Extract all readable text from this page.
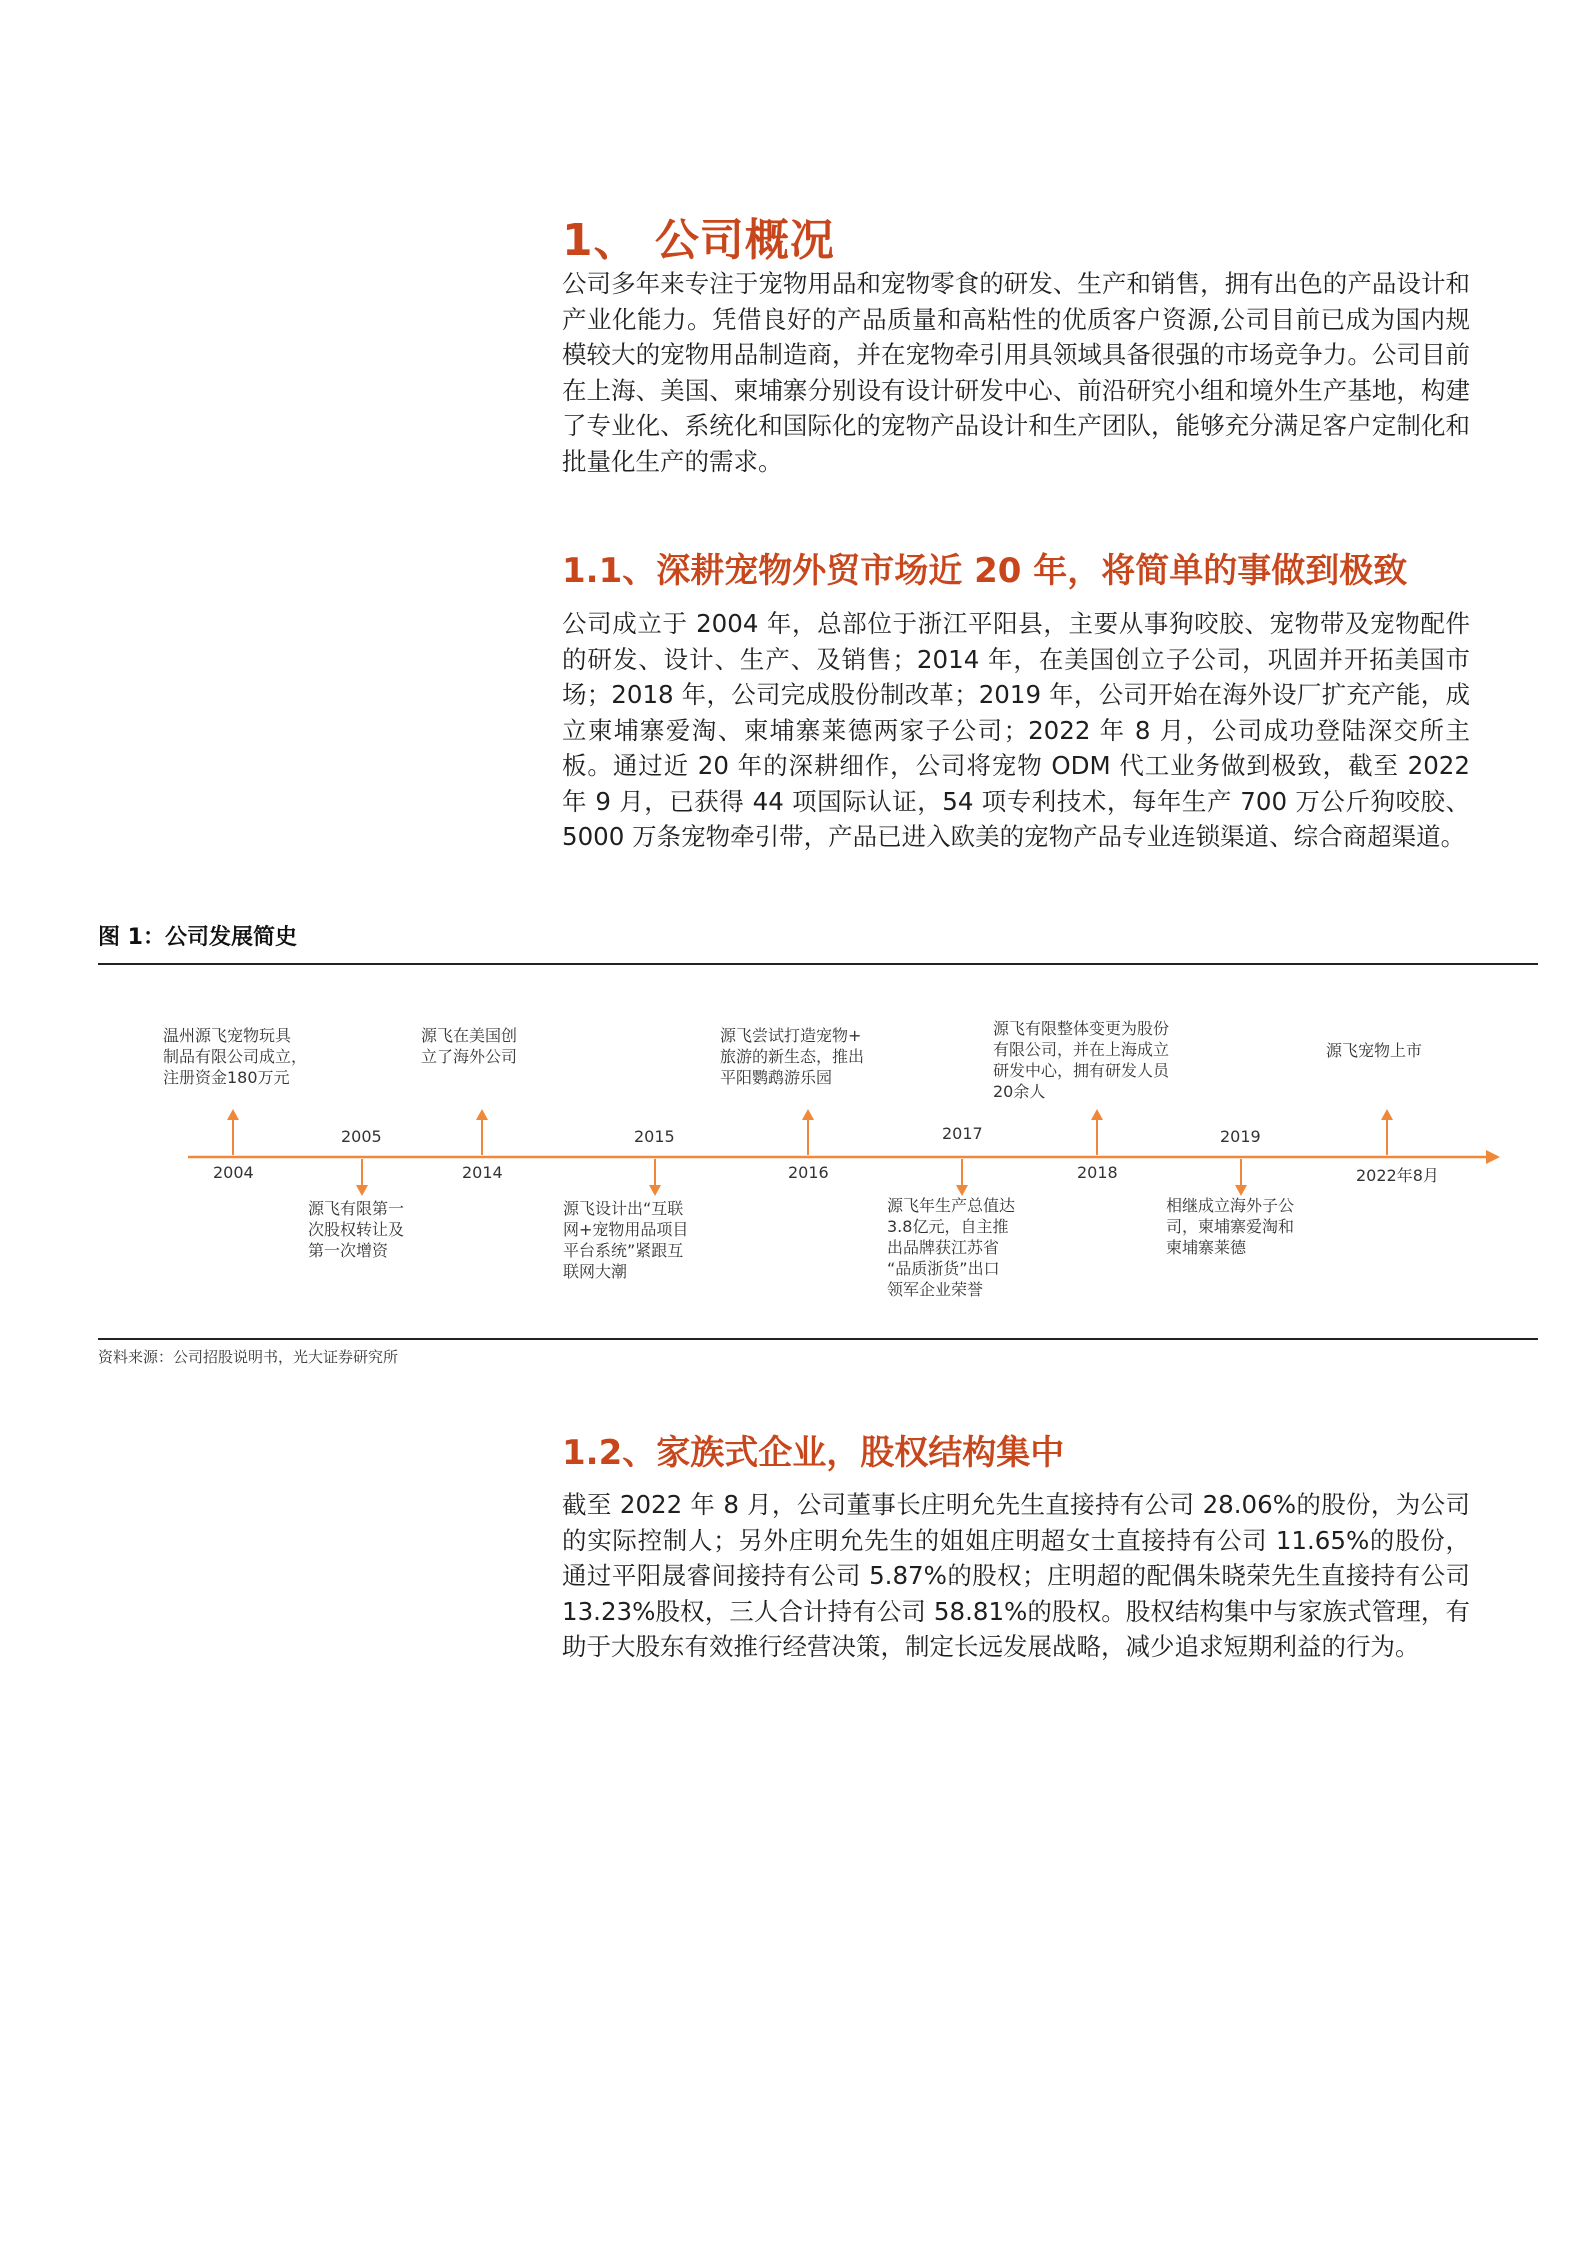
1、 公司概况

公司多年来专注于宠物用品和宠物零食的研发、生产和销售，拥有出色的产品设计和产业化能力。凭借良好的产品质量和高粘性的优质客户资源,公司目前已成为国内规模较大的宠物用品制造商，并在宠物牵引用具领域具备很强的市场竞争力。公司目前在上海、美国、柬埔寨分别设有设计研发中心、前沿研究小组和境外生产基地，构建了专业化、系统化和国际化的宠物产品设计和生产团队，能够充分满足客户定制化和批量化生产的需求。

1.1、深耕宠物外贸市场近 20 年，将简单的事做到极致

公司成立于 2004 年，总部位于浙江平阳县，主要从事狗咬胶、宠物带及宠物配件的研发、设计、生产、及销售；2014 年，在美国创立子公司，巩固并开拓美国市场；2018 年，公司完成股份制改革；2019 年，公司开始在海外设厂扩充产能，成立柬埔寨爱淘、柬埔寨莱德两家子公司；2022 年 8 月，公司成功登陆深交所主板。通过近 20 年的深耕细作，公司将宠物 ODM 代工业务做到极致，截至 2022 年 9 月，已获得 44 项国际认证，54 项专利技术，每年生产 700 万公斤狗咬胶、5000 万条宠物牵引带，产品已进入欧美的宠物产品专业连锁渠道、综合商超渠道。

图 1：公司发展简史

2004
温州源飞宠物玩具
制品有限公司成立，
注册资金180万元
2005
源飞有限第一
次股权转让及
第一次增资
2014
源飞在美国创
立了海外公司
2015
源飞设计出“互联
网+宠物用品项目
平台系统”紧跟互
联网大潮
2016
源飞尝试打造宠物+
旅游的新生态，推出
平阳鹦鹉游乐园
2017
源飞年生产总值达
3.8亿元，自主推
出品牌获江苏省
“品质浙货”出口
领军企业荣誉
2018
源飞有限整体变更为股份
有限公司，并在上海成立
研发中心，拥有研发人员
20余人
2019
相继成立海外子公
司，柬埔寨爱淘和
柬埔寨莱德
2022年8月
源飞宠物上市

资料来源：公司招股说明书，光大证券研究所

1.2、家族式企业，股权结构集中

截至 2022 年 8 月，公司董事长庄明允先生直接持有公司 28.06%的股份，为公司的实际控制人；另外庄明允先生的姐姐庄明超女士直接持有公司 11.65%的股份，通过平阳晟睿间接持有公司 5.87%的股权；庄明超的配偶朱晓荣先生直接持有公司 13.23%股权，三人合计持有公司 58.81%的股权。股权结构集中与家族式管理，有助于大股东有效推行经营决策，制定长远发展战略，减少追求短期利益的行为。
